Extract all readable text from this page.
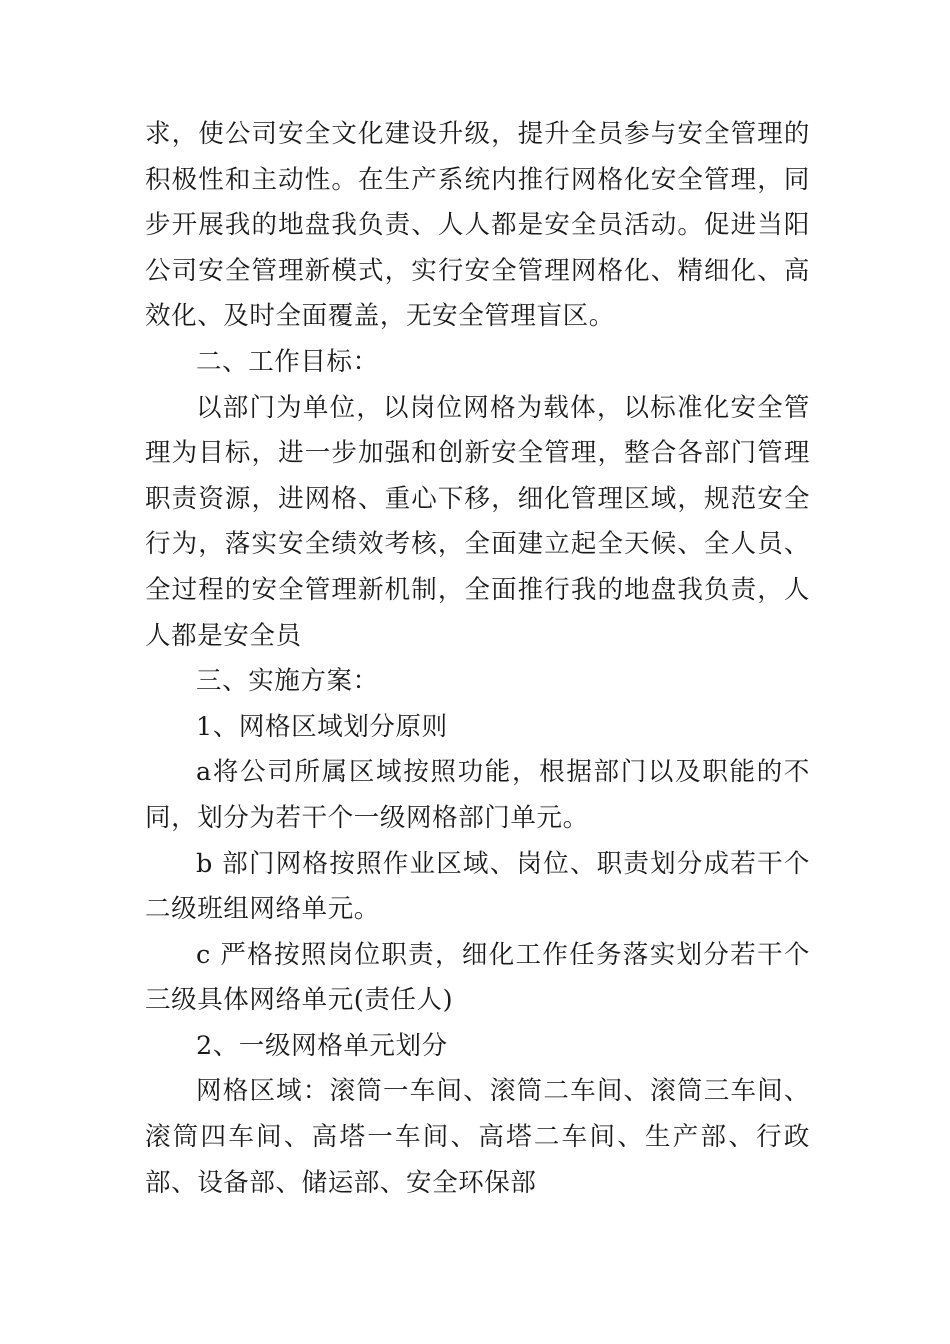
求，使公司安全文化建设升级，提升全员参与安全管理的积极性和主动性。在生产系统内推行网格化安全管理，同步开展我的地盘我负责、人人都是安全员活动。促进当阳公司安全管理新模式，实行安全管理网格化、精细化、高效化、及时全面覆盖，无安全管理盲区。

二、工作目标：

以部门为单位，以岗位网格为载体，以标准化安全管理为目标，进一步加强和创新安全管理，整合各部门管理职责资源，进网格、重心下移，细化管理区域，规范安全行为，落实安全绩效考核，全面建立起全天候、全人员、全过程的安全管理新机制，全面推行我的地盘我负责，人人都是安全员

三、实施方案：

1、网格区域划分原则

a将公司所属区域按照功能，根据部门以及职能的不同，划分为若干个一级网格部门单元。

b 部门网格按照作业区域、岗位、职责划分成若干个二级班组网络单元。

c 严格按照岗位职责，细化工作任务落实划分若干个三级具体网络单元(责任人)

2、一级网格单元划分

网格区域：滚筒一车间、滚筒二车间、滚筒三车间、滚筒四车间、高塔一车间、高塔二车间、生产部、行政部、设备部、储运部、安全环保部
